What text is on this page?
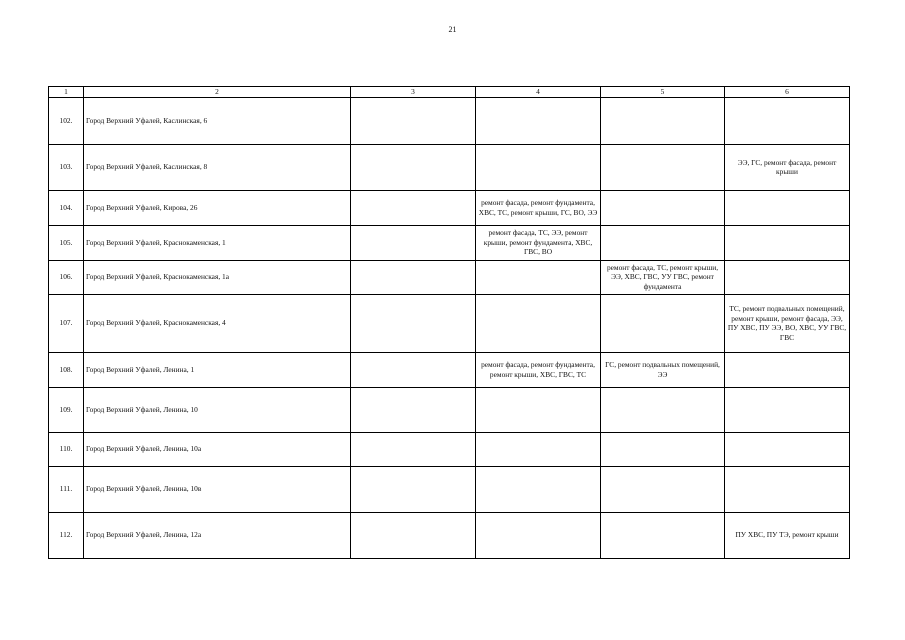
21
1	2	3	4	5	6
102.	Город Верхний Уфалей, Каслинская, 6				
103.	Город Верхний Уфалей, Каслинская, 8				ЭЭ, ГС, ремонт фасада, ремонт крыши
104.	Город Верхний Уфалей, Кирова, 26		ремонт фасада, ремонт фундамента, ХВС, ТС, ремонт крыши, ГС, ВО, ЭЭ		
105.	Город Верхний Уфалей, Краснокаменская, 1		ремонт фасада, ТС, ЭЭ, ремонт крыши, ремонт фундамента, ХВС, ГВС, ВО		
106.	Город Верхний Уфалей, Краснокаменская, 1а			ремонт фасада, ТС, ремонт крыши, ЭЭ, ХВС, ГВС, УУ ГВС, ремонт фундамента	
107.	Город Верхний Уфалей, Краснокаменская, 4				ТС, ремонт подвальных помещений, ремонт крыши, ремонт фасада, ЭЭ, ПУ ХВС, ПУ ЭЭ, ВО, ХВС, УУ ГВС, ГВС
108.	Город Верхний Уфалей, Ленина, 1		ремонт фасада, ремонт фундамента, ремонт крыши, ХВС, ГВС, ТС	ГС, ремонт подвальных помещений, ЭЭ	
109.	Город Верхний Уфалей, Ленина, 10				
110.	Город Верхний Уфалей, Ленина, 10а				
111.	Город Верхний Уфалей, Ленина, 10в				
112.	Город Верхний Уфалей, Ленина, 12а				ПУ ХВС, ПУ ТЭ, ремонт крыши
